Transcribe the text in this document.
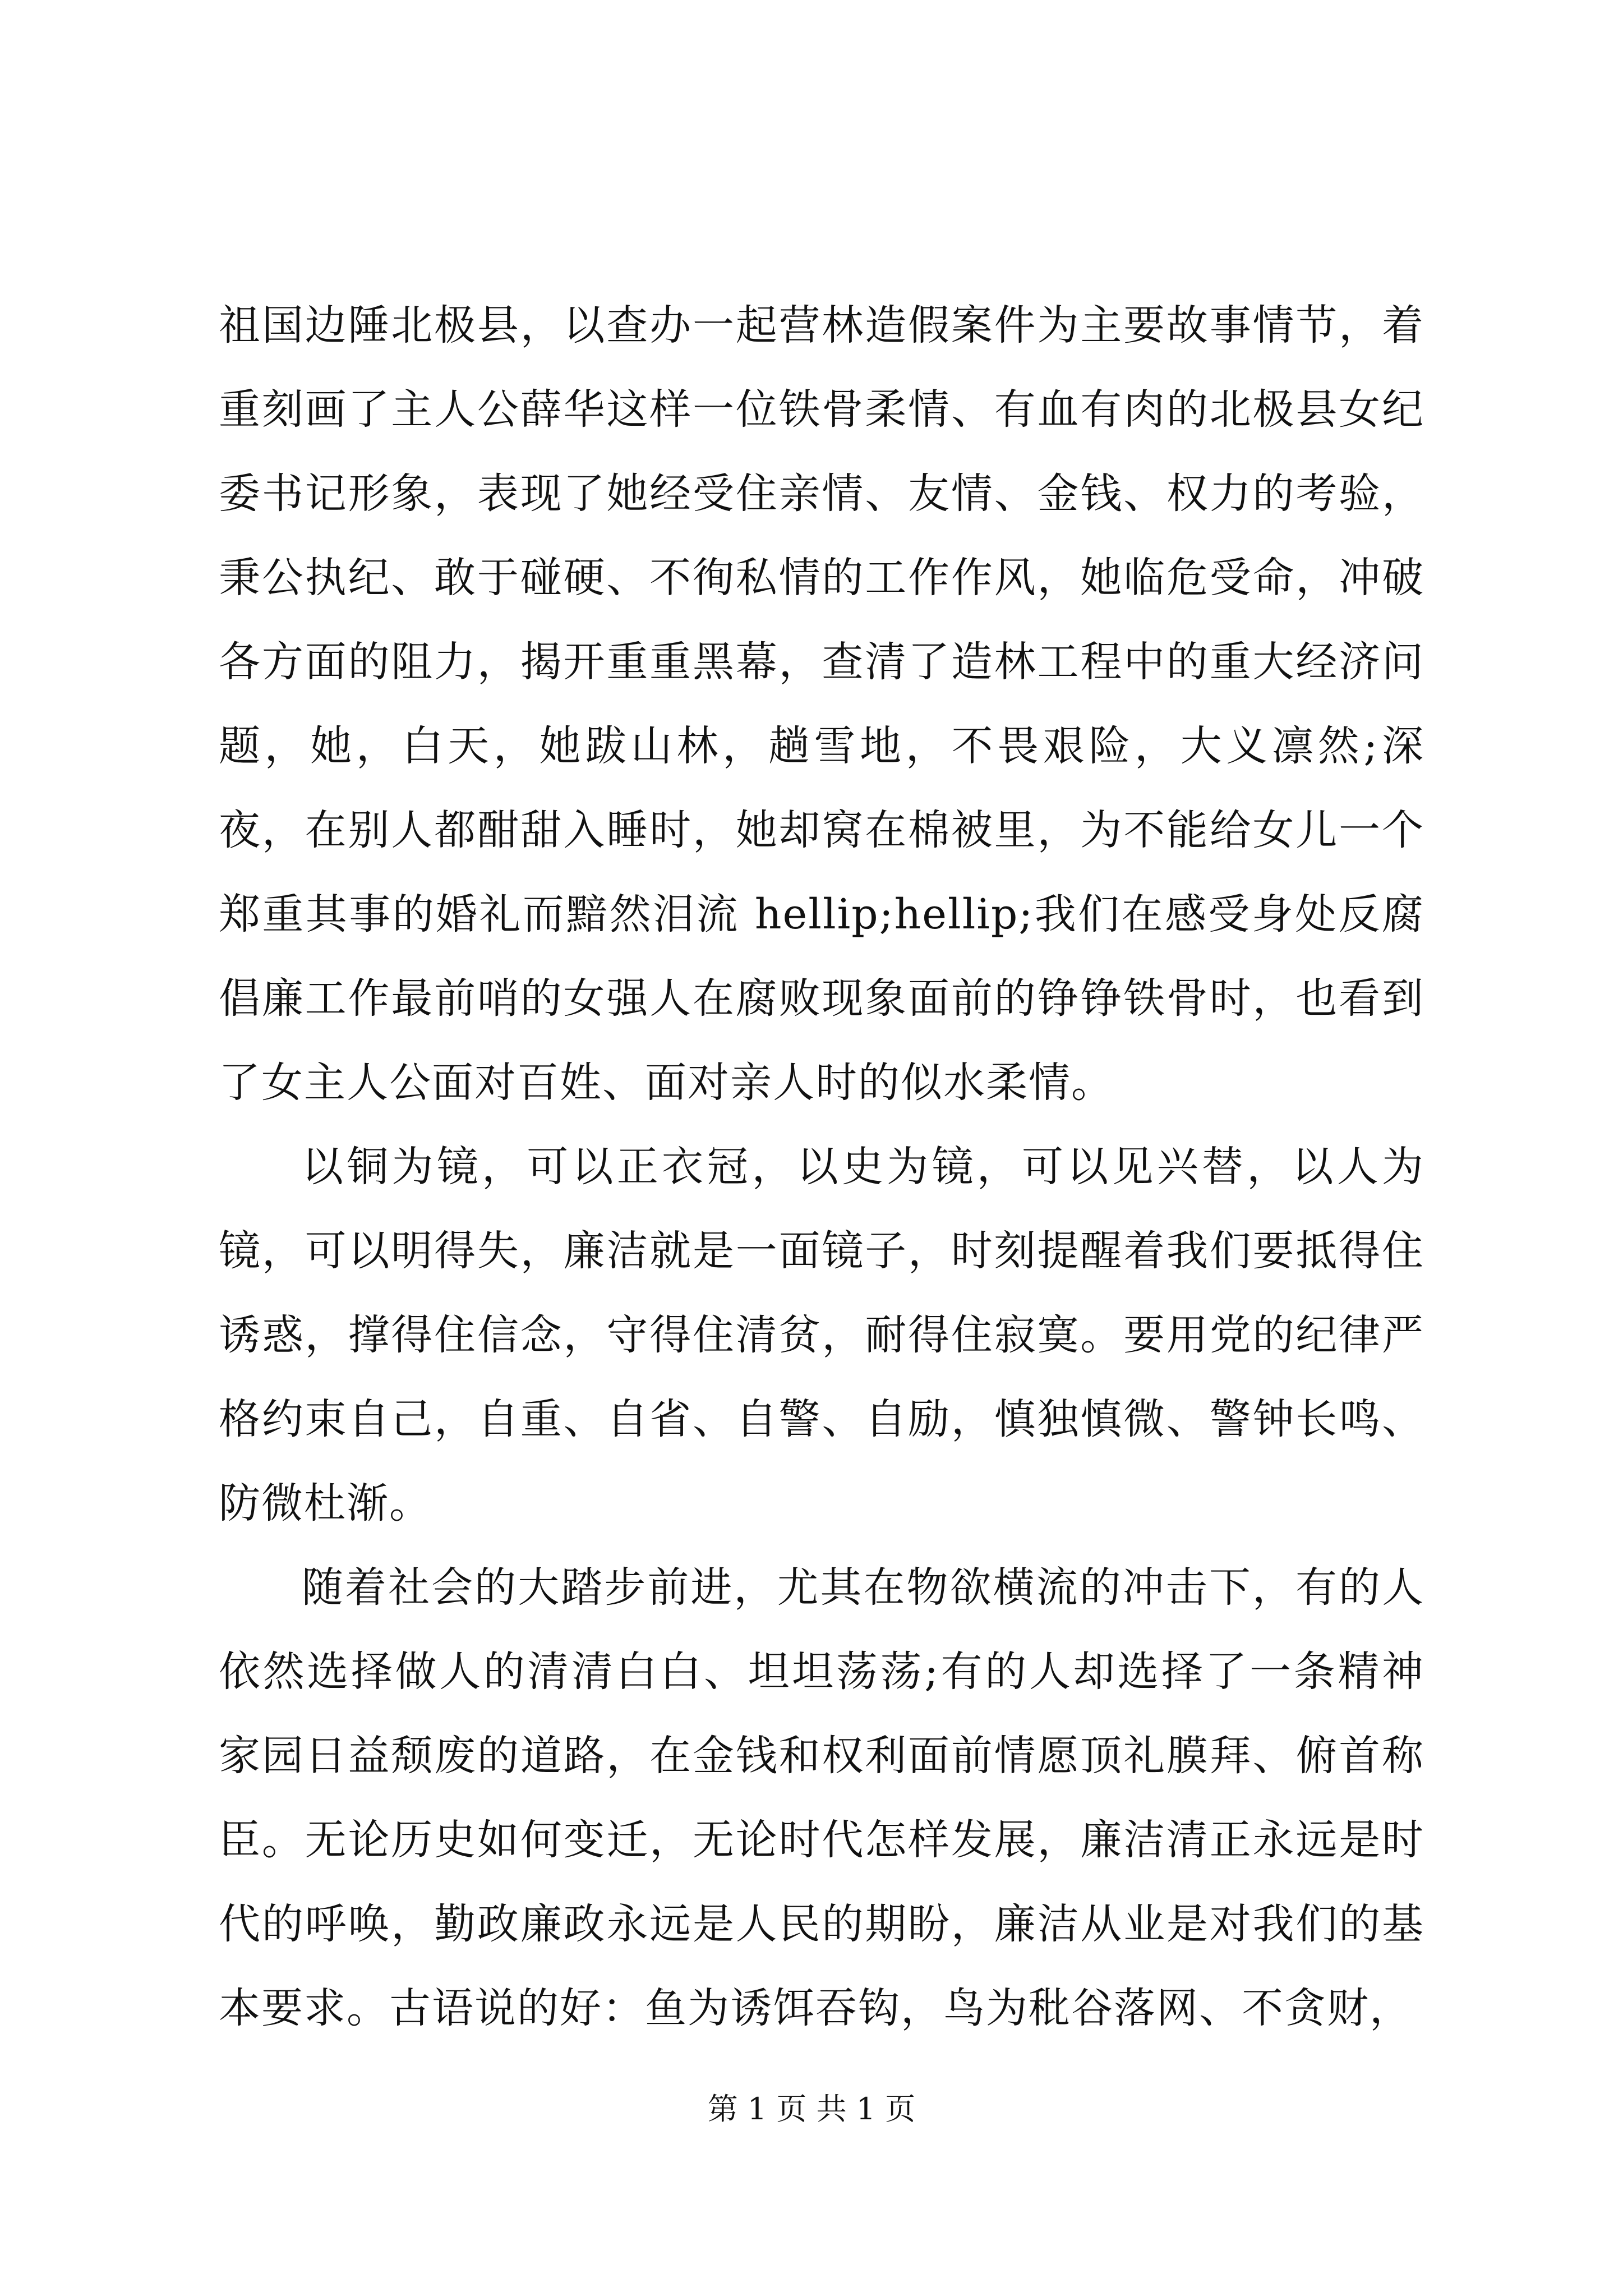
祖国边陲北极县，以查办一起营林造假案件为主要故事情节，着重刻画了主人公薛华这样一位铁骨柔情、有血有肉的北极县女纪委书记形象，表现了她经受住亲情、友情、金钱、权力的考验，秉公执纪、敢于碰硬、不徇私情的工作作风，她临危受命，冲破各方面的阻力，揭开重重黑幕，查清了造林工程中的重大经济问题，她，白天，她跋山林，趟雪地，不畏艰险，大义凛然;深夜，在别人都酣甜入睡时，她却窝在棉被里，为不能给女儿一个郑重其事的婚礼而黯然泪流 hellip;hellip;我们在感受身处反腐倡廉工作最前哨的女强人在腐败现象面前的铮铮铁骨时，也看到了女主人公面对百姓、面对亲人时的似水柔情。

以铜为镜，可以正衣冠，以史为镜，可以见兴替，以人为镜，可以明得失，廉洁就是一面镜子，时刻提醒着我们要抵得住诱惑，撑得住信念，守得住清贫，耐得住寂寞。要用党的纪律严格约束自己，自重、自省、自警、自励，慎独慎微、警钟长鸣、防微杜渐。

随着社会的大踏步前进，尤其在物欲横流的冲击下，有的人依然选择做人的清清白白、坦坦荡荡;有的人却选择了一条精神家园日益颓废的道路，在金钱和权利面前情愿顶礼膜拜、俯首称臣。无论历史如何变迁，无论时代怎样发展，廉洁清正永远是时代的呼唤，勤政廉政永远是人民的期盼，廉洁从业是对我们的基本要求。古语说的好：鱼为诱饵吞钩，鸟为秕谷落网、不贪财，

第 1 页 共 1 页
